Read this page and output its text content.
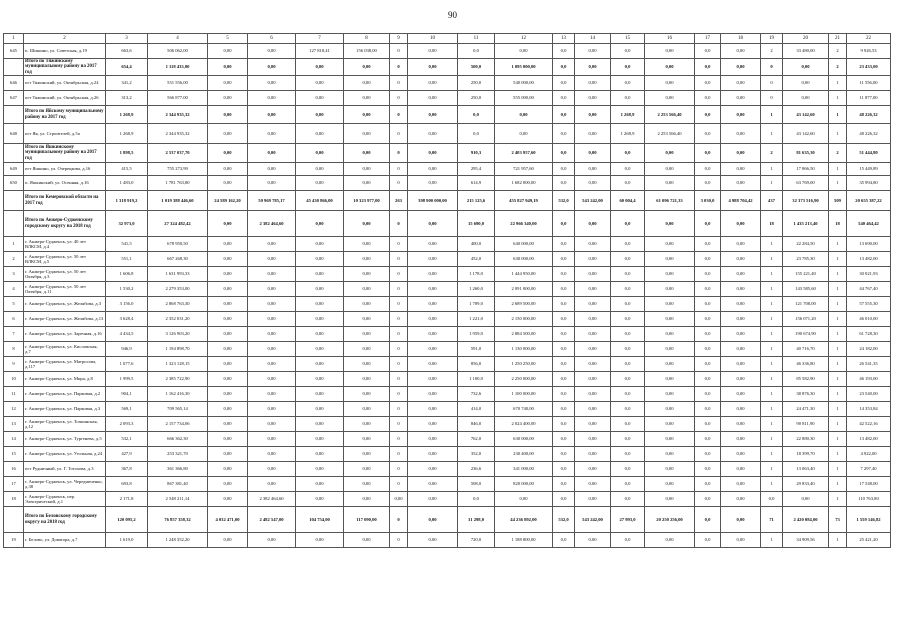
90
1	2	3	4	5	6	7	8	9	10	11	12	13	14	15	16	17	18	19	20	21	22	
645	п. Шишино, ул. Советская, д.19	663,6	506 062,00	0,00	0,00	127 818,41	156 038,00	0	0,00	0,0	0,00	0,0	0,00	0,0	0,00	0,0	0,00	2	33 480,00	2	9 926,53	
	Итого по Тяжинскому муниципальному району на 2017 год	654,4	1 118 433,00	0,00	0,00	0,00	0,00	0	0,00	500,0	1 095 000,00	0,0	0,00	0,0	0,00	0,0	0,00	0	0,00	2	23 433,00	
646	пгт Тяжинский, ул. Октябрьская, д.24	341,2	551 556,00	0,00	0,00	0,00	0,00	0	0,00	250,0	540 000,00	0,0	0,00	0,0	0,00	0,0	0,00	0	0,00	1	11 556,00	
647	пгт Тяжинский, ул. Октябрьская, д.26	313,2	566 877,00	0,00	0,00	0,00	0,00	0	0,00	250,0	555 000,00	0,0	0,00	0,0	0,00	0,0	0,00	0	0,00	1	11 877,00	
	Итого по Яйскому муниципальному району на 2017 год	1 268,9	2 344 935,32	0,00	0,00	0,00	0,00	0	0,00	0,0	0,00	0,0	0,00	1 268,9	2 253 566,40	0,0	0,00	1	43 142,60	1	48 226,32	
648	пгт Яя, ул. Строителей, д.5а	1 268,9	2 344 935,32	0,00	0,00	0,00	0,00	0	0,00	0,0	0,00	0,0	0,00	1 268,9	2 253 566,40	0,0	0,00	1	43 142,60	1	48 226,32	
	Итого по Яшкинскому муниципальному району на 2017 год	1 898,5	2 537 037,70	0,00	0,00	0,00	0,00	0	0,00	910,3	2 403 957,60	0,0	0,00	0,0	0,00	0,0	0,00	2	81 635,30	2	51 444,80	
649	пгт Яшкино, ул. Озерецкова, д.16	415,5	755 273,99	0,00	0,00	0,00	0,00	0	0,00	295,4	721 957,60	0,0	0,00	0,0	0,00	0,0	0,00	1	17 866,50	1	15 449,89	
650	п. Яшкинский, ул. Осенняя, д.16	1 483,0	1 781 763,80	0,00	0,00	0,00	0,00	0	0,00	614,9	1 682 000,00	0,0	0,00	0,0	0,00	0,0	0,00	1	63 769,00	1	35 994,80	
	Итого по Кемеровской области на 2017 год	1 318 919,2	1 019 388 446,60	24 589 162,20	50 969 785,17	45 430 866,00	10 323 977,00	263	398 900 000,00	215 125,6	455 827 949,19	532,0	543 242,00	60 004,4	61 096 721,33	3 030,0	4 988 704,42	437	32 373 516,90	509	20 655 387,22	
	Итого по Анжеро-Судженскому городскому округу на 2018 год	32 973,0	27 324 482,42	0,00	2 382 464,60	0,00	0,00	0	0,00	15 690,0	22 966 340,00	0,0	0,00	0,0	0,00	0,0	0,00	18	1 435 213,40	18	540 464,42	
1	г. Анжеро-Судженск, ул. 40 лет ВЛКСМ, д.4	541,5	678 950,50	0,00	0,00	0,00	0,00	0	0,00	400,0	640 000,00	0,0	0,00	0,0	0,00	0,0	0,00	1	22 284,50	1	13 690,00	
2	г. Анжеро-Судженск, ул. 50 лет ВЛКСМ, д.5	551,1	667 268,30	0,00	0,00	0,00	0,00	0	0,00	452,0	630 000,00	0,0	0,00	0,0	0,00	0,0	0,00	1	23 785,30	1	13 482,00	
3	г. Анжеро-Судженск, ул. 50 лет Октября, д.3	1 606,8	1 631 993,33	0,00	0,00	0,00	0,00	0	0,00	1 178,0	1 444 950,00	0,0	0,00	0,0	0,00	0,0	0,00	1	155 221,40	1	30 021,93	
4	г. Анжеро-Судженск, ул. 50 лет Октября, д.11	1 530,2	2 279 353,00	0,00	0,00	0,00	0,00	0	0,00	1 260,0	2 091 000,00	0,0	0,00	0,0	0,00	0,0	0,00	1	143 585,60	1	44 767,40	
5	г. Анжеро-Судженск, ул. Желябова, д.3	3 156,0	2 868 763,30	0,00	0,00	0,00	0,00	0	0,00	1 789,0	2 689 500,00	0,0	0,00	0,0	0,00	0,0	0,00	1	121 708,00	1	57 555,30	
6	г. Анжеро-Судженск, ул. Желябова, д.13	3 628,4	2 352 031,20	0,00	0,00	0,00	0,00	0	0,00	1 221,0	2 150 000,00	0,0	0,00	0,0	0,00	0,0	0,00	1	156 071,20	1	46 010,00	
7	г. Анжеро-Судженск, ул. Заречная, д.16	4 434,5	3 126 903,20	0,00	0,00	0,00	0,00	0	0,00	1 959,0	2 884 500,00	0,0	0,00	0,0	0,00	0,0	0,00	1	190 674,90	1	61 728,30	
8	г. Анжеро-Судженск, ул. Кисловская, д.7	946,9	1 194 898,70	0,00	0,00	0,00	0,00	0	0,00	591,0	1 130 000,00	0,0	0,00	0,0	0,00	0,0	0,00	1	40 716,70	1	24 182,00	
9	г. Анжеро-Судженск, ул. Матросова, д.117	1 077,6	1 323 128,15	0,00	0,00	0,00	0,00	0	0,00	856,0	1 250 250,00	0,0	0,00	0,0	0,00	0,0	0,00	1	46 336,80	1	26 541,35	
10	г. Анжеро-Судженск, ул. Мира, д.8	1 999,5	2 385 722,90	0,00	0,00	0,00	0,00	0	0,00	1 100,0	2 250 000,00	0,0	0,00	0,0	0,00	0,0	0,00	1	85 582,90	1	46 193,00	
11	г. Анжеро-Судженск, ул. Парковая, д.2	904,1	1 162 416,30	0,00	0,00	0,00	0,00	0	0,00	732,6	1 100 000,00	0,0	0,00	0,0	0,00	0,0	0,00	1	38 876,30	1	23 540,00	
12	г. Анжеро-Судженск, ул. Парковая, д.3	569,1	709 565,14	0,00	0,00	0,00	0,00	0	0,00	414,0	670 740,00	0,0	0,00	0,0	0,00	0,0	0,00	1	24 471,30	1	14 353,84	
13	г. Анжеро-Судженск, ул. Топкинская, д.12	2 093,3	2 157 734,06	0,00	0,00	0,00	0,00	0	0,00	846,0	2 024 400,00	0,0	0,00	0,0	0,00	0,0	0,00	1	90 811,90	1	42 522,16	
14	г. Анжеро-Судженск, ул. Тургенева, д.5	532,1	666 362,30	0,00	0,00	0,00	0,00	0	0,00	762,0	630 000,00	0,0	0,00	0,0	0,00	0,0	0,00	1	22 880,30	1	13 482,00	
15	г. Анжеро-Судженск, ул. Угольная, д.24	427,9	253 321,70	0,00	0,00	0,00	0,00	0	0,00	352,0	230 400,00	0,0	0,00	0,0	0,00	0,0	0,00	1	18 399,70	1	4 922,00	
16	пгт Рудничный, ул. Г. Тотохова, д.3	367,8	361 366,80	0,00	0,00	0,00	0,00	0	0,00	236,6	341 000,00	0,0	0,00	0,0	0,00	0,0	0,00	1	13 063,40	1	7 297,40	
17	г. Анжеро-Судженск, ул. Чередниченко, д.38	693,8	867 381,40	0,00	0,00	0,00	0,00	0	0,00	508,0	820 000,00	0,0	0,00	0,0	0,00	0,0	0,00	1	29 833,40	1	17 548,00	
18	г. Анжеро-Судженск, пер. Электрический, д.1	2 171,8	2 548 211,14	0,00	2 382 464,60	0,00	0,00	0,00	0,00	0,0	0,00	0,0	0,00	0,0	0,00	0,0	0,00	0,0	0,00	1	110 763,80		
	Итого по Беловскому городскому округу на 2018 год	120 095,2	76 857 358,32	4 032 471,00	2 482 547,00	104 754,00	117 090,00	0	0,00	31 298,0	44 236 892,00	532,0	543 242,00	27 993,0	20 250 256,00	0,0	0,00	71	2 420 084,00	73	1 559 146,82	
19	г. Белово, ул. Доватора, д.7	1 619,0	1 248 352,20	0,00	0,00	0,00	0,00	0	0,00	720,0	1 188 800,00	0,0	0,00	0,0	0,00	0,0	0,00	1	34 909,56	1	25 421,20	
